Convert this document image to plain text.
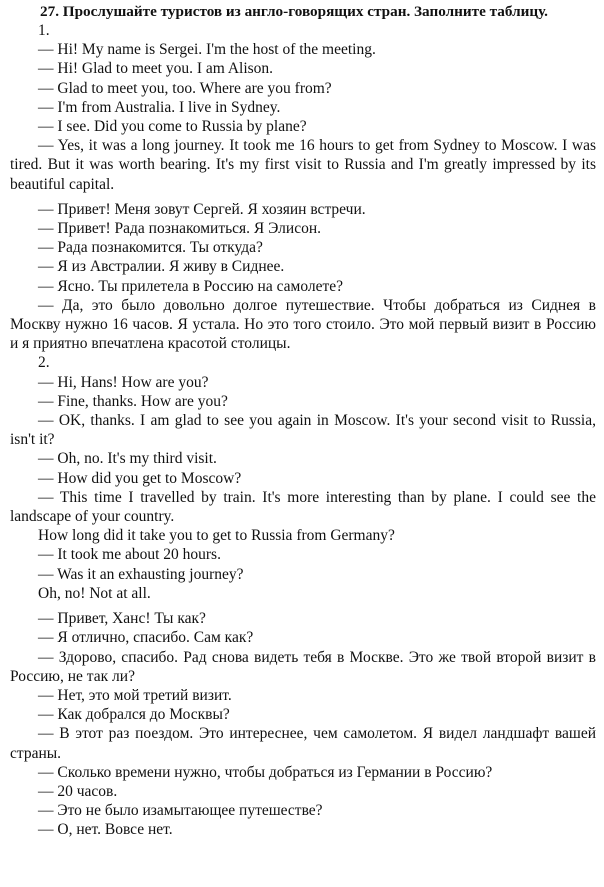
27. Прослушайте туристов из англо-говорящих стран. Заполните таблицу.
1.
— Hi! My name is Sergei. I'm the host of the meeting.
— Hi! Glad to meet you. I am Alison.
— Glad to meet you, too. Where are you from?
— I'm from Australia. I live in Sydney.
— I see. Did you come to Russia by plane?
— Yes, it was a long journey. It took me 16 hours to get from Sydney to Moscow. I was tired. But it was worth bearing. It's my first visit to Russia and I'm greatly impressed by its beautiful capital.
— Привет! Меня зовут Сергей. Я хозяин встречи.
— Привет! Рада познакомиться. Я Элисон.
— Рада познакомится. Ты откуда?
— Я из Австралии. Я живу в Сиднее.
— Ясно. Ты прилетела в Россию на самолете?
— Да, это было довольно долгое путешествие. Чтобы добраться из Сиднея в Москву нужно 16 часов. Я устала. Но это того стоило. Это мой первый визит в Россию и я приятно впечатлена красотой столицы.
2.
— Hi, Hans! How are you?
— Fine, thanks. How are you?
— OK, thanks. I am glad to see you again in Moscow. It's your second visit to Russia, isn't it?
— Oh, no. It's my third visit.
— How did you get to Moscow?
— This time I travelled by train. It's more interesting than by plane. I could see the landscape of your country.
How long did it take you to get to Russia from Germany?
— It took me about 20 hours.
— Was it an exhausting journey?
Oh, no! Not at all.
— Привет, Ханс! Ты как?
— Я отлично, спасибо. Сам как?
— Здорово, спасибо. Рад снова видеть тебя в Москве. Это же твой второй визит в Россию, не так ли?
— Нет, это мой третий визит.
— Как добрался до Москвы?
— В этот раз поездом. Это интереснее, чем самолетом. Я видел ландшафт вашей страны.
— Сколько времени нужно, чтобы добраться из Германии в Россию?
— 20 часов.
— Это не было изамытающее путешестве?
— О, нет. Вовсе нет.
